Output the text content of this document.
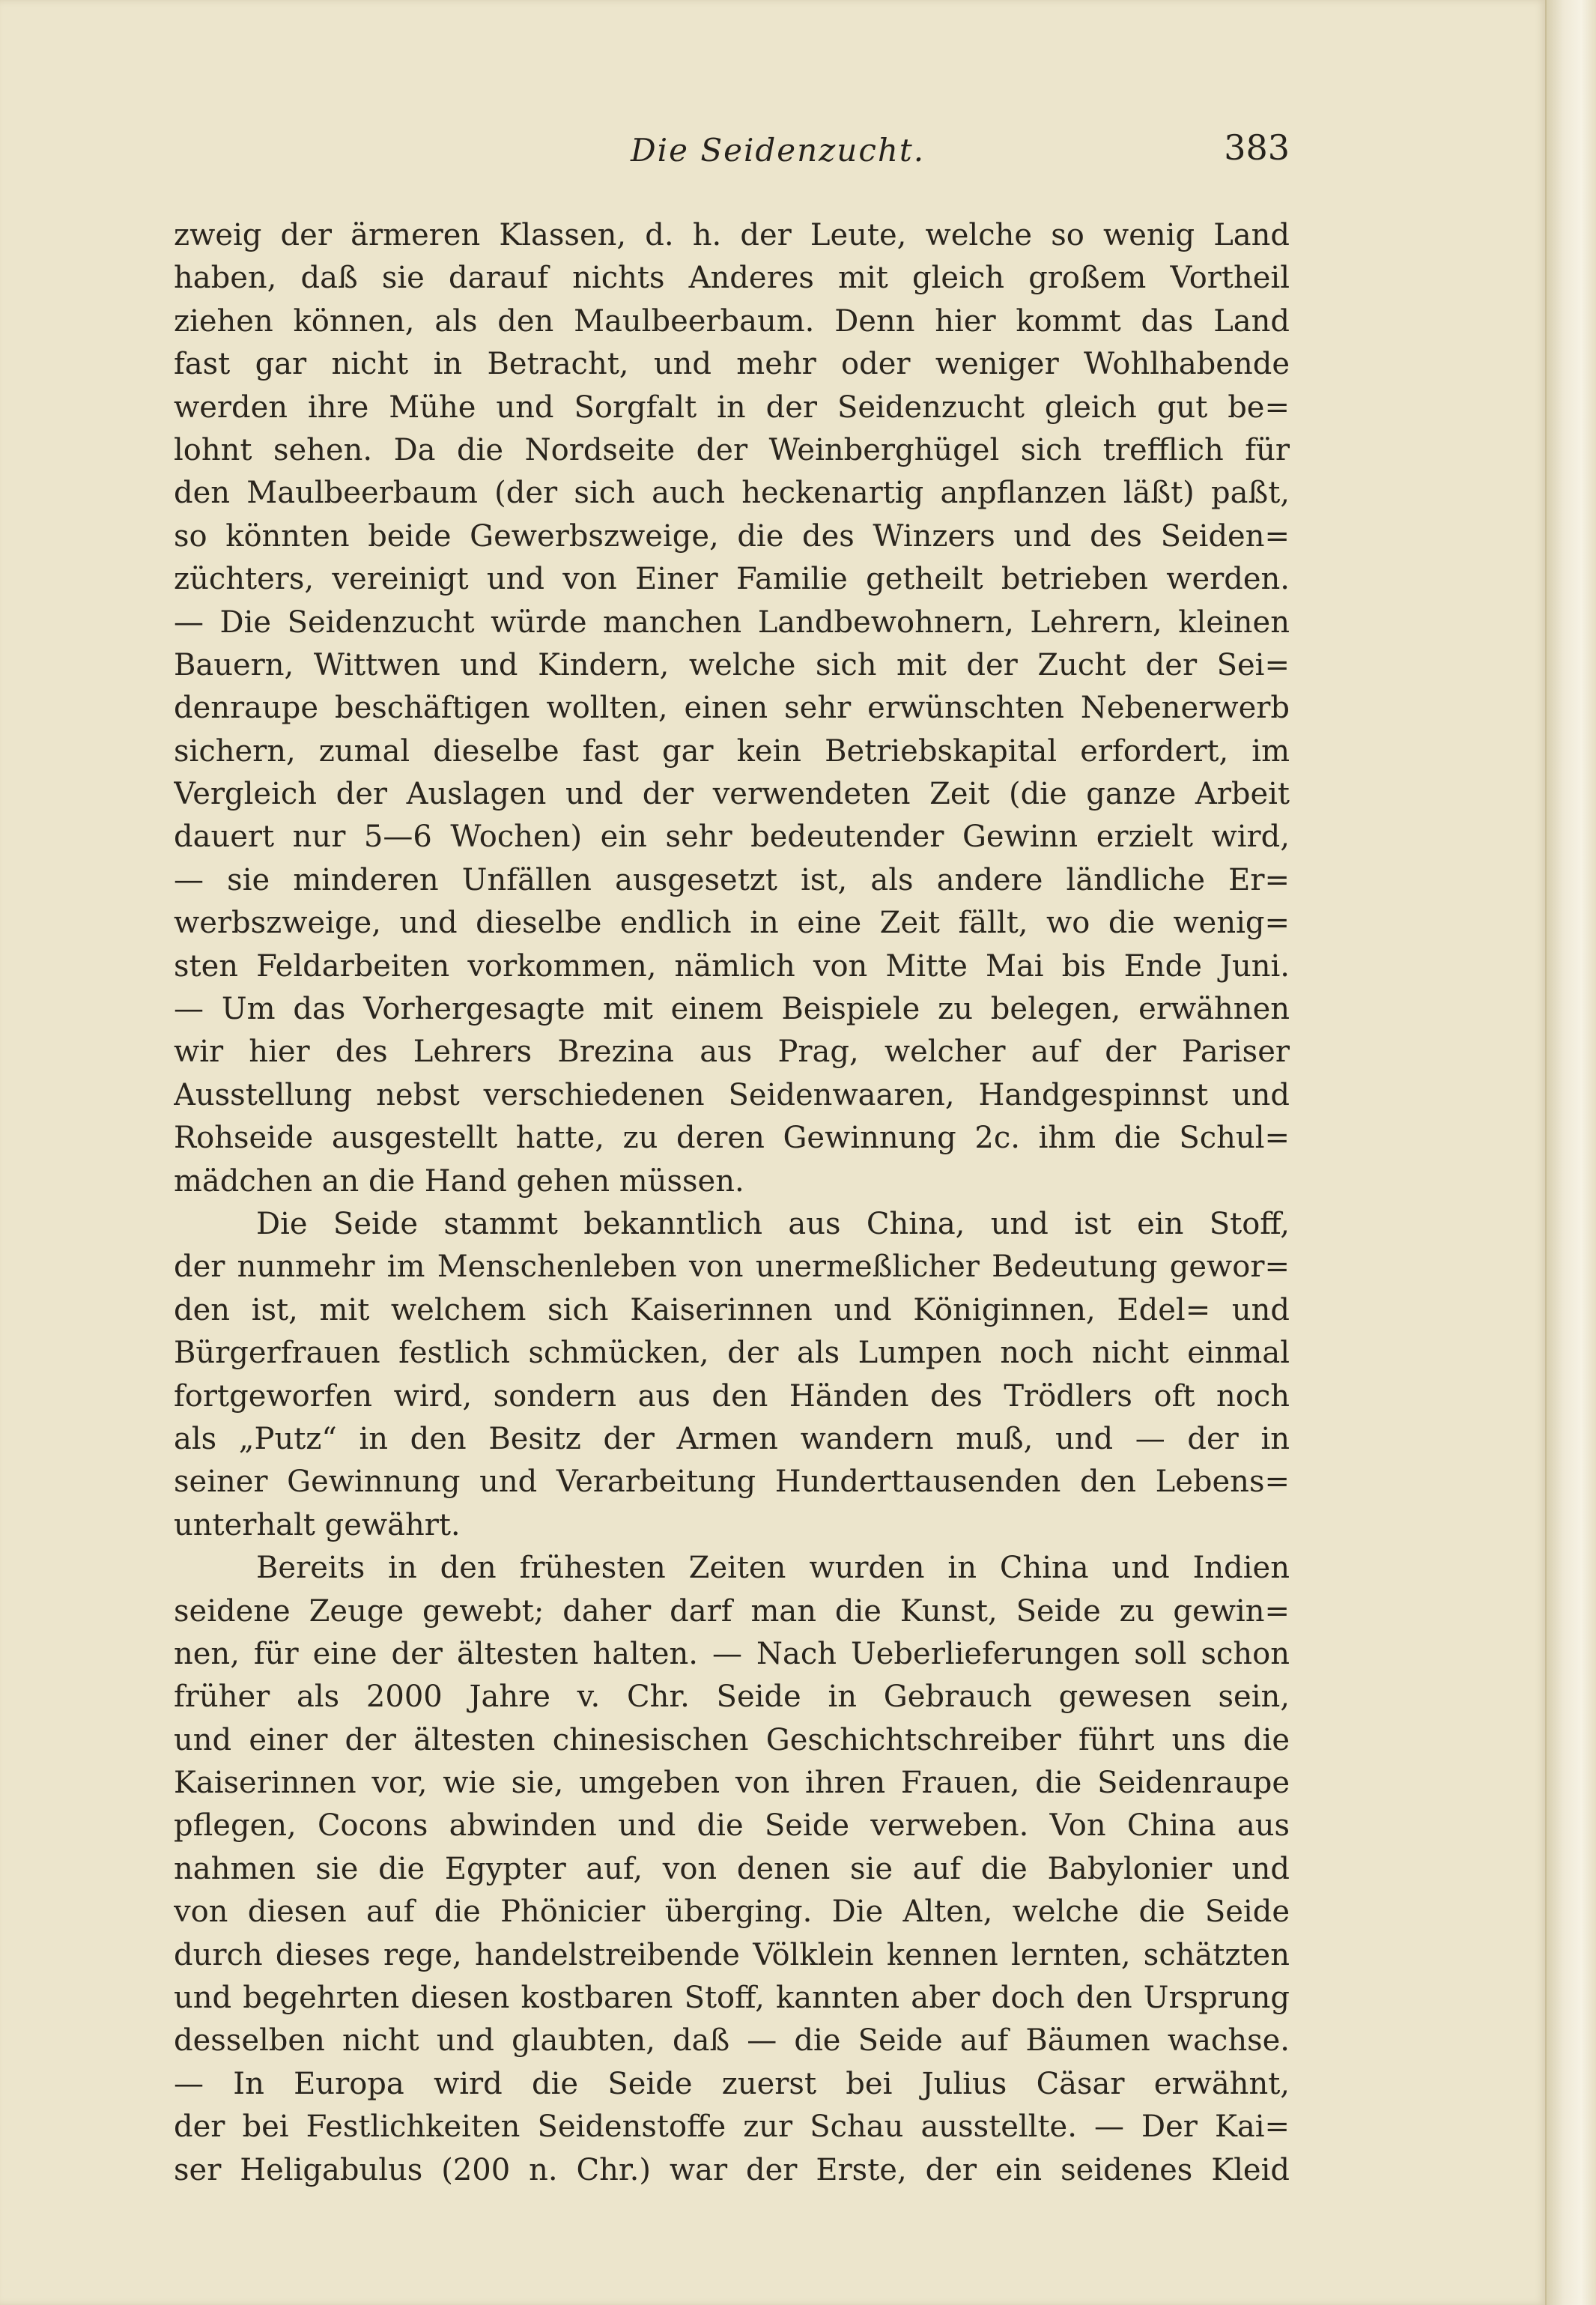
Die Seidenzucht.	383
zweig der ärmeren Klassen, d. h. der Leute, welche so wenig Land
haben, daß sie darauf nichts Anderes mit gleich großem Vortheil
ziehen können, als den Maulbeerbaum. Denn hier kommt das Land
fast gar nicht in Betracht, und mehr oder weniger Wohlhabende
werden ihre Mühe und Sorgfalt in der Seidenzucht gleich gut be=
lohnt sehen. Da die Nordseite der Weinberghügel sich trefflich für
den Maulbeerbaum (der sich auch heckenartig anpflanzen läßt) paßt,
so könnten beide Gewerbszweige, die des Winzers und des Seiden=
züchters, vereinigt und von Einer Familie getheilt betrieben werden.
— Die Seidenzucht würde manchen Landbewohnern, Lehrern, kleinen
Bauern, Wittwen und Kindern, welche sich mit der Zucht der Sei=
denraupe beschäftigen wollten, einen sehr erwünschten Nebenerwerb
sichern, zumal dieselbe fast gar kein Betriebskapital erfordert, im
Vergleich der Auslagen und der verwendeten Zeit (die ganze Arbeit
dauert nur 5—6 Wochen) ein sehr bedeutender Gewinn erzielt wird,
— sie minderen Unfällen ausgesetzt ist, als andere ländliche Er=
werbszweige, und dieselbe endlich in eine Zeit fällt, wo die wenig=
sten Feldarbeiten vorkommen, nämlich von Mitte Mai bis Ende Juni.
— Um das Vorhergesagte mit einem Beispiele zu belegen, erwähnen
wir hier des Lehrers Brezina aus Prag, welcher auf der Pariser
Ausstellung nebst verschiedenen Seidenwaaren, Handgespinnst und
Rohseide ausgestellt hatte, zu deren Gewinnung 2c. ihm die Schul=
mädchen an die Hand gehen müssen.
Die Seide stammt bekanntlich aus China, und ist ein Stoff,
der nunmehr im Menschenleben von unermeßlicher Bedeutung gewor=
den ist, mit welchem sich Kaiserinnen und Königinnen, Edel= und
Bürgerfrauen festlich schmücken, der als Lumpen noch nicht einmal
fortgeworfen wird, sondern aus den Händen des Trödlers oft noch
als „Putz“ in den Besitz der Armen wandern muß, und — der in
seiner Gewinnung und Verarbeitung Hunderttausenden den Lebens=
unterhalt gewährt.
Bereits in den frühesten Zeiten wurden in China und Indien
seidene Zeuge gewebt; daher darf man die Kunst, Seide zu gewin=
nen, für eine der ältesten halten. — Nach Ueberlieferungen soll schon
früher als 2000 Jahre v. Chr. Seide in Gebrauch gewesen sein,
und einer der ältesten chinesischen Geschichtschreiber führt uns die
Kaiserinnen vor, wie sie, umgeben von ihren Frauen, die Seidenraupe
pflegen, Cocons abwinden und die Seide verweben. Von China aus
nahmen sie die Egypter auf, von denen sie auf die Babylonier und
von diesen auf die Phönicier überging. Die Alten, welche die Seide
durch dieses rege, handelstreibende Völklein kennen lernten, schätzten
und begehrten diesen kostbaren Stoff, kannten aber doch den Ursprung
desselben nicht und glaubten, daß — die Seide auf Bäumen wachse.
— In Europa wird die Seide zuerst bei Julius Cäsar erwähnt,
der bei Festlichkeiten Seidenstoffe zur Schau ausstellte. — Der Kai=
ser Heligabulus (200 n. Chr.) war der Erste, der ein seidenes Kleid
